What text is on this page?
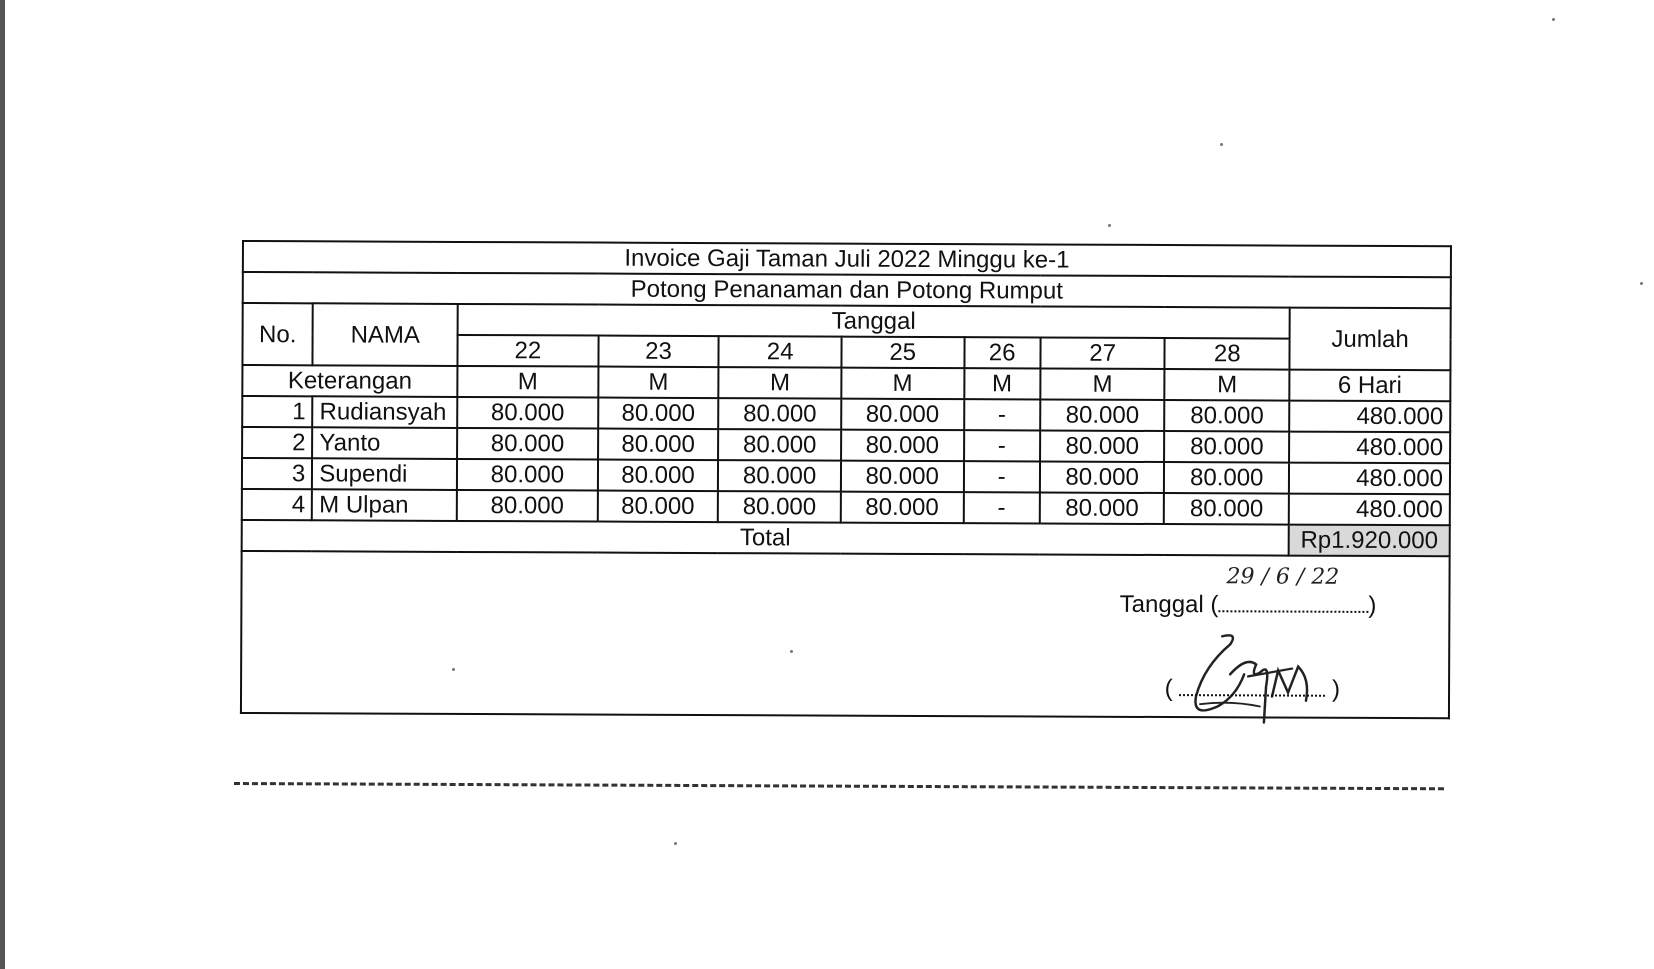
Invoice Gaji Taman Juli 2022 Minggu ke-1									
Potong Penanaman dan Potong Rumput									
No.	NAMA	Tanggal							Jumlah
		22	23	24	25	26	27	28	
Keterangan		M	M	M	M	M	M	M	6 Hari
1	Rudiansyah	80.000	80.000	80.000	80.000	-	80.000	80.000	480.000
2	Yanto	80.000	80.000	80.000	80.000	-	80.000	80.000	480.000
3	Supendi	80.000	80.000	80.000	80.000	-	80.000	80.000	480.000
4	M Ulpan	80.000	80.000	80.000	80.000	-	80.000	80.000	480.000
Total									Rp1.920.000
Tanggal (
29 / 6 / 22
)
(	)
